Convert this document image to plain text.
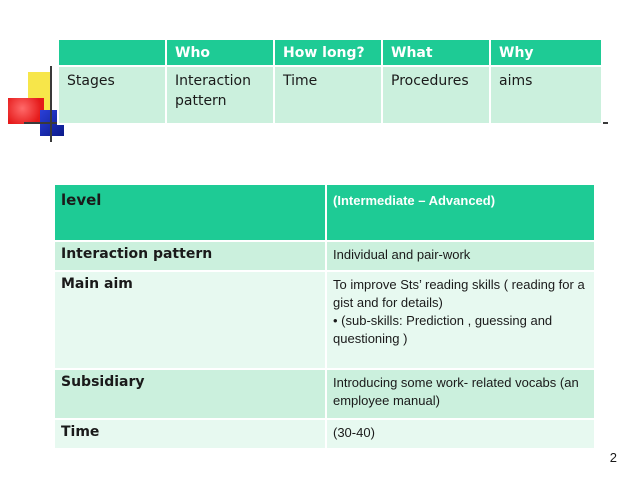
	Who	How long?	What	Why
Stages	Interaction pattern	Time	Procedures	aims
level	(Intermediate – Advanced)
Interaction pattern	Individual and pair-work
Main aim	To improve Sts’ reading skills ( reading for a gist and for details)
• (sub-skills: Prediction , guessing and questioning )

Subsidiary	Introducing some work- related vocabs (an employee manual)
Time	(30-40)
2
